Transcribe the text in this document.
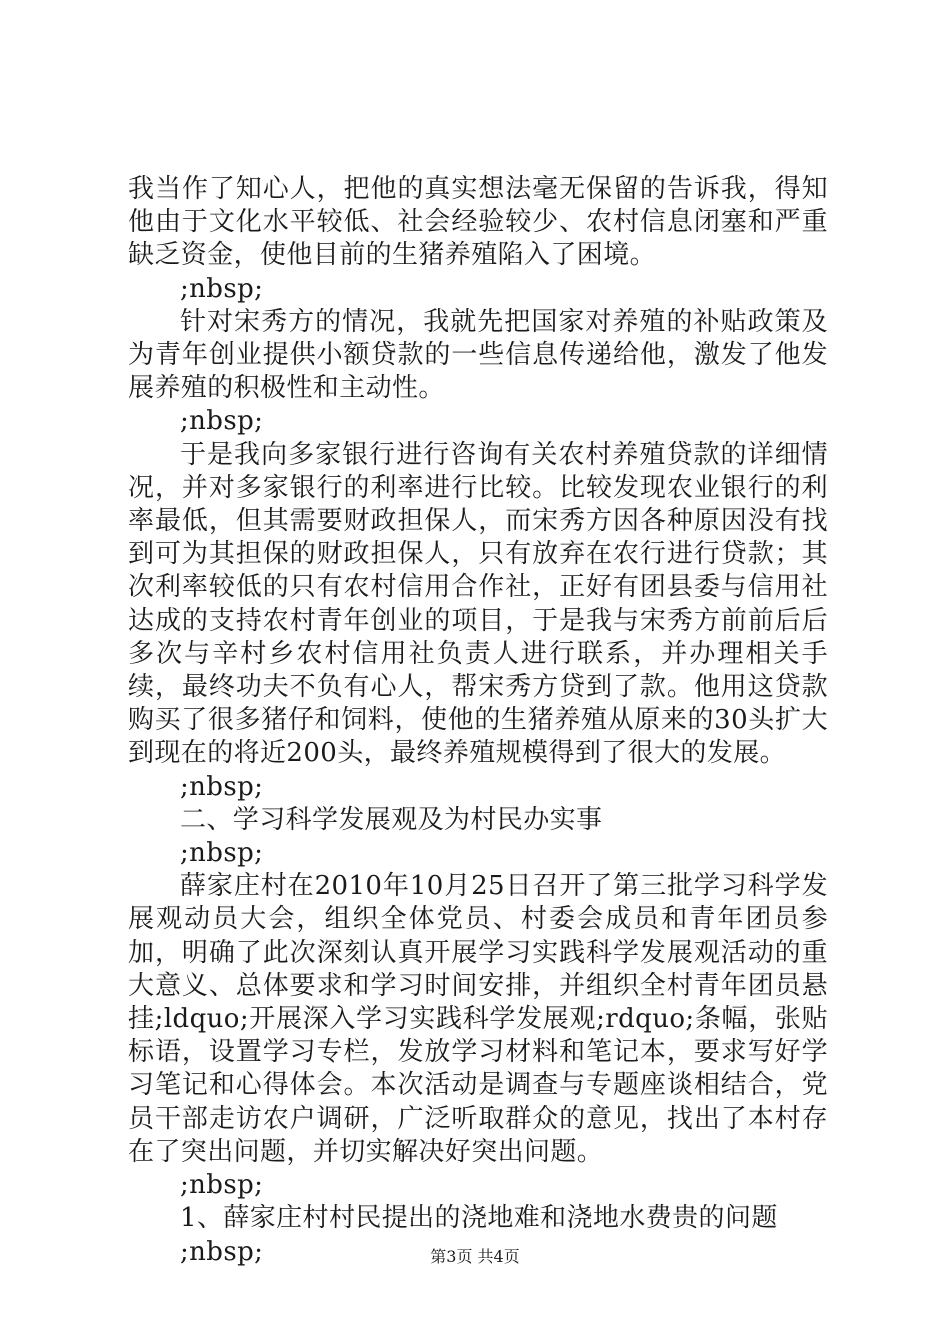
我当作了知心人，把他的真实想法毫无保留的告诉我，得知他由于文化水平较低、社会经验较少、农村信息闭塞和严重缺乏资金，使他目前的生猪养殖陷入了困境。

;nbsp;

针对宋秀方的情况，我就先把国家对养殖的补贴政策及为青年创业提供小额贷款的一些信息传递给他，激发了他发展养殖的积极性和主动性。

;nbsp;

于是我向多家银行进行咨询有关农村养殖贷款的详细情况，并对多家银行的利率进行比较。比较发现农业银行的利率最低，但其需要财政担保人，而宋秀方因各种原因没有找到可为其担保的财政担保人，只有放弃在农行进行贷款；其次利率较低的只有农村信用合作社，正好有团县委与信用社达成的支持农村青年创业的项目，于是我与宋秀方前前后后多次与辛村乡农村信用社负责人进行联系，并办理相关手续，最终功夫不负有心人，帮宋秀方贷到了款。他用这贷款购买了很多猪仔和饲料，使他的生猪养殖从原来的30头扩大到现在的将近200头，最终养殖规模得到了很大的发展。

;nbsp;

二、学习科学发展观及为村民办实事

;nbsp;

薛家庄村在2010年10月25日召开了第三批学习科学发展观动员大会，组织全体党员、村委会成员和青年团员参加，明确了此次深刻认真开展学习实践科学发展观活动的重大意义、总体要求和学习时间安排，并组织全村青年团员悬挂;ldquo;开展深入学习实践科学发展观;rdquo;条幅，张贴标语，设置学习专栏，发放学习材料和笔记本，要求写好学习笔记和心得体会。本次活动是调查与专题座谈相结合，党员干部走访农户调研，广泛听取群众的意见，找出了本村存在了突出问题，并切实解决好突出问题。

;nbsp;

1、薛家庄村村民提出的浇地难和浇地水费贵的问题

;nbsp;	第3页 共4页
